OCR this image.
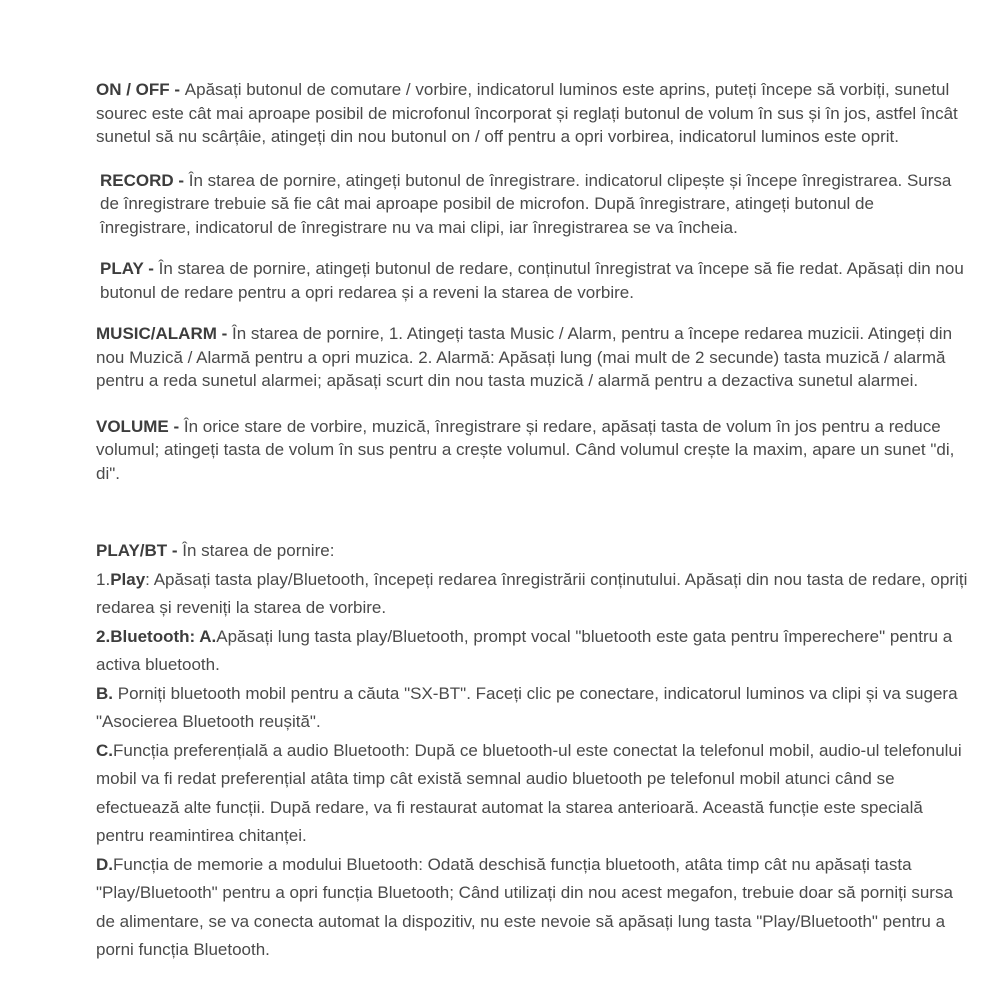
ON / OFF - Apăsați butonul de comutare / vorbire, indicatorul luminos este aprins, puteți începe să vorbiți, sunetul sourec este cât mai aproape posibil de microfonul încorporat și reglați butonul de volum în sus și în jos, astfel încât sunetul să nu scârțâie, atingeți din nou butonul on / off pentru a opri vorbirea, indicatorul luminos este oprit.

RECORD - În starea de pornire, atingeți butonul de înregistrare. indicatorul clipește și începe înregistrarea. Sursa de înregistrare trebuie să fie cât mai aproape posibil de microfon. După înregistrare, atingeți butonul de înregistrare, indicatorul de înregistrare nu va mai clipi, iar înregistrarea se va încheia.

PLAY - În starea de pornire, atingeți butonul de redare, conținutul înregistrat va începe să fie redat. Apăsați din nou butonul de redare pentru a opri redarea și a reveni la starea de vorbire.

MUSIC/ALARM - În starea de pornire, 1. Atingeți tasta Music / Alarm, pentru a începe redarea muzicii. Atingeți din nou Muzică / Alarmă pentru a opri muzica. 2. Alarmă: Apăsați lung (mai mult de 2 secunde) tasta muzică / alarmă pentru a reda sunetul alarmei; apăsați scurt din nou tasta muzică / alarmă pentru a dezactiva sunetul alarmei.

VOLUME - În orice stare de vorbire, muzică, înregistrare și redare, apăsați tasta de volum în jos pentru a reduce volumul; atingeți tasta de volum în sus pentru a crește volumul. Când volumul crește la maxim, apare un sunet "di, di".

PLAY/BT - În starea de pornire:

1.Play: Apăsați tasta play/Bluetooth, începeți redarea înregistrării conținutului. Apăsați din nou tasta de redare, opriți redarea și reveniți la starea de vorbire.

2.Bluetooth: A.Apăsați lung tasta play/Bluetooth, prompt vocal "bluetooth este gata pentru împerechere" pentru a activa bluetooth.

B. Porniți bluetooth mobil pentru a căuta "SX-BT". Faceți clic pe conectare, indicatorul luminos va clipi și va sugera "Asocierea Bluetooth reușită".

C.Funcția preferențială a audio Bluetooth: După ce bluetooth-ul este conectat la telefonul mobil, audio-ul telefonului mobil va fi redat preferențial atâta timp cât există semnal audio bluetooth pe telefonul mobil atunci când se efectuează alte funcții. După redare, va fi restaurat automat la starea anterioară. Această funcție este specială pentru reamintirea chitanței.

D.Funcția de memorie a modului Bluetooth: Odată deschisă funcția bluetooth, atâta timp cât nu apăsați tasta "Play/Bluetooth" pentru a opri funcția Bluetooth; Când utilizați din nou acest megafon, trebuie doar să porniți sursa de alimentare, se va conecta automat la dispozitiv, nu este nevoie să apăsați lung tasta "Play/Bluetooth" pentru a porni funcția Bluetooth.
